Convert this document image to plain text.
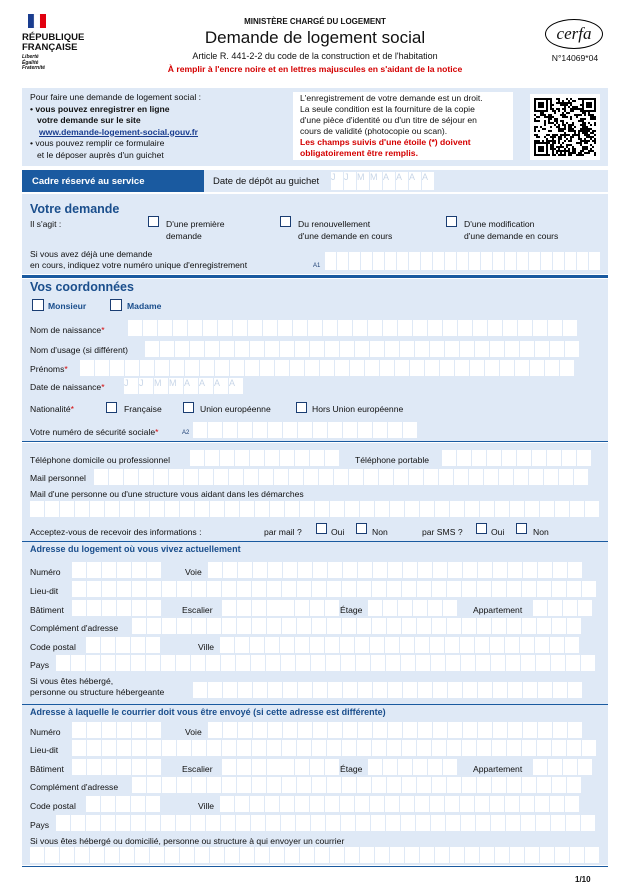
RÉPUBLIQUE
FRANÇAISE
Liberté
Égalité
Fraternité
MINISTÈRE CHARGÉ DU LOGEMENT
Demande de logement social
Article R. 441-2-2 du code de la construction et de l'habitation
À remplir à l'encre noire et en lettres majuscules en s'aidant de la notice
cerfa
N°14069*04
Pour faire une demande de logement social :
• vous pouvez enregistrer en ligne
votre demande sur le site
www.demande-logement-social.gouv.fr
• vous pouvez remplir ce formulaire
et le déposer auprès d'un guichet
L'enregistrement de votre demande est un droit.
La seule condition est la fourniture de la copie
d'une pièce d'identité ou d'un titre de séjour en
cours de validité (photocopie ou scan).
Les champs suivis d'une étoile (*) doivent
obligatoirement être remplis.
Cadre réservé au service	Date de dépôt au guichet J J M M A A A A
Votre demande
Il s'agit :	D'une première
demande
Du renouvellement
d'une demande en cours
D'une modification
d'une demande en cours
Si vous avez déjà une demande
en cours, indiquez votre numéro unique d'enregistrement	A1
Vos coordonnées
Monsieur	Madame
Nom de naissance*
Nom d'usage (si différent)
Prénoms*
Date de naissance* J	J	M M A A A A
Nationalité*	Française	Union européenne	Hors Union européenne
Votre numéro de sécurité sociale*	A2
Téléphone domicile ou professionnel	Téléphone portable
Mail personnel
Mail d'une personne ou d'une structure vous aidant dans les démarches
Acceptez-vous de recevoir des informations :	par mail ?	Oui	Non	par SMS ?	Oui	Non
Adresse du logement où vous vivez actuellement
Numéro	Voie
Lieu-dit
Bâtiment	Escalier	Étage	Appartement
Complément d'adresse
Code postal	Ville
Pays
Si vous êtes hébergé,
personne ou structure hébergeante
Adresse à laquelle le courrier doit vous être envoyé (si cette adresse est différente)
Numéro	Voie
Lieu-dit
Bâtiment	Escalier	Étage	Appartement
Complément d'adresse
Code postal	Ville
Pays
Si vous êtes hébergé ou domicilié, personne ou structure à qui envoyer un courrier
1/10
